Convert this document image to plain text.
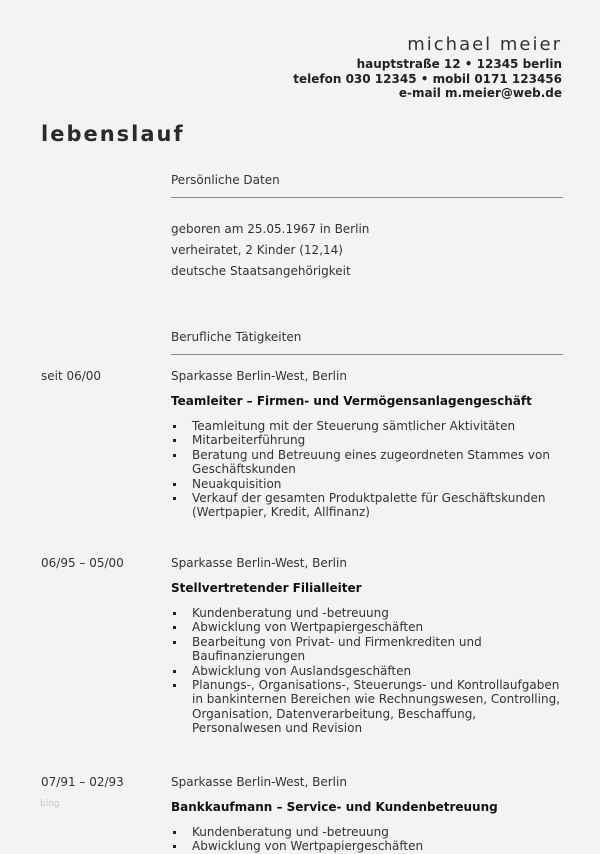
michael meier
hauptstraße 12 • 12345 berlin
telefon 030 12345 • mobil 0171 123456
e-mail m.meier@web.de
lebenslauf
Persönliche Daten
geboren am 25.05.1967 in Berlin
verheiratet, 2 Kinder (12,14)
deutsche Staatsangehörigkeit
Berufliche Tätigkeiten
seit 06/00	Sparkasse Berlin-West, Berlin
Teamleiter – Firmen- und Vermögensanlagengeschäft
Teamleitung mit der Steuerung sämtlicher Aktivitäten
Mitarbeiterführung
Beratung und Betreuung eines zugeordneten Stammes von Geschäftskunden
Neuakquisition
Verkauf der gesamten Produktpalette für Geschäftskunden (Wertpapier, Kredit, Allfinanz)
06/95 – 05/00	Sparkasse Berlin-West, Berlin
Stellvertretender Filialleiter
Kundenberatung und -betreuung
Abwicklung von Wertpapiergeschäften
Bearbeitung von Privat- und Firmenkrediten und Baufinanzierungen
Abwicklung von Auslandsgeschäften
Planungs-, Organisations-, Steuerungs- und Kontrollaufgaben in bankinternen Bereichen wie Rechnungswesen, Controlling, Organisation, Datenverarbeitung, Beschaffung, Personalwesen und Revision
07/91 – 02/93	Sparkasse Berlin-West, Berlin
Bankkaufmann – Service- und Kundenbetreuung
Kundenberatung und -betreuung
Abwicklung von Wertpapiergeschäften
blog
